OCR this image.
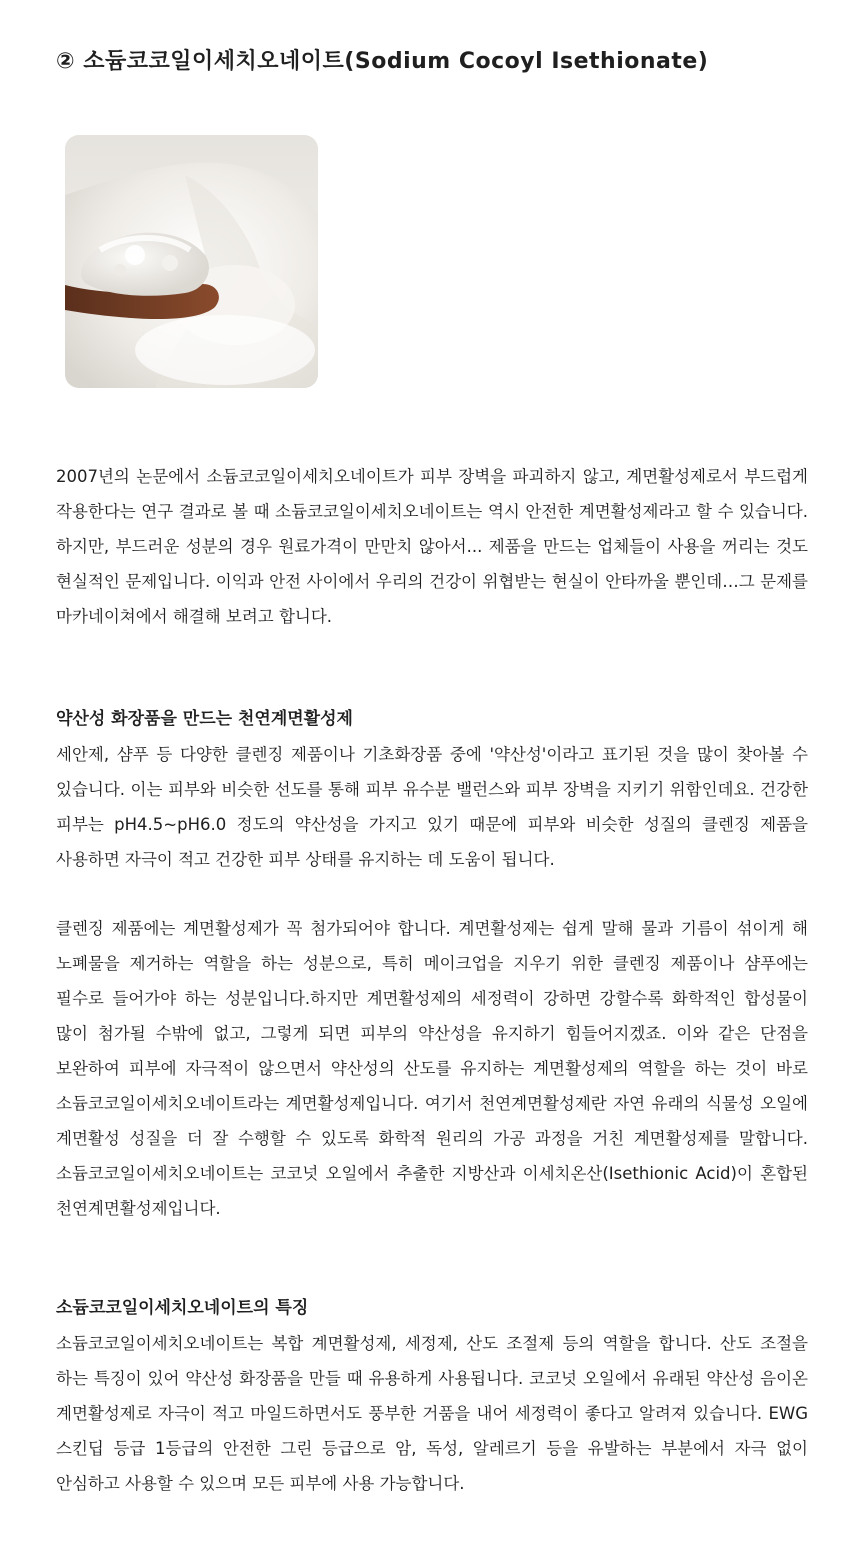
② 소듐코코일이세치오네이트(Sodium Cocoyl Isethionate)
2007년의 논문에서 소듐코코일이세치오네이트가 피부 장벽을 파괴하지 않고, 계면활성제로서 부드럽게 작용한다는 연구 결과로 볼 때 소듐코코일이세치오네이트는 역시 안전한 계면활성제라고 할 수 있습니다. 하지만, 부드러운 성분의 경우 원료가격이 만만치 않아서... 제품을 만드는 업체들이 사용을 꺼리는 것도 현실적인 문제입니다. 이익과 안전 사이에서 우리의 건강이 위협받는 현실이 안타까울 뿐인데…그 문제를 마카네이쳐에서 해결해 보려고 합니다.
약산성 화장품을 만드는 천연계면활성제
세안제, 샴푸 등 다양한 클렌징 제품이나 기초화장품 중에 '약산성'이라고 표기된 것을 많이 찾아볼 수 있습니다. 이는 피부와 비슷한 선도를 통해 피부 유수분 밸런스와 피부 장벽을 지키기 위함인데요. 건강한 피부는 pH4.5~pH6.0 정도의 약산성을 가지고 있기 때문에 피부와 비슷한 성질의 클렌징 제품을 사용하면 자극이 적고 건강한 피부 상태를 유지하는 데 도움이 됩니다.
클렌징 제품에는 계면활성제가 꼭 첨가되어야 합니다. 계면활성제는 쉽게 말해 물과 기름이 섞이게 해 노폐물을 제거하는 역할을 하는 성분으로, 특히 메이크업을 지우기 위한 클렌징 제품이나 샴푸에는 필수로 들어가야 하는 성분입니다.하지만 계면활성제의 세정력이 강하면 강할수록 화학적인 합성물이 많이 첨가될 수밖에 없고, 그렇게 되면 피부의 약산성을 유지하기 힘들어지겠죠. 이와 같은 단점을 보완하여 피부에 자극적이 않으면서 약산성의 산도를 유지하는 계면활성제의 역할을 하는 것이 바로 소듐코코일이세치오네이트라는 계면활성제입니다. 여기서 천연계면활성제란 자연 유래의 식물성 오일에 계면활성 성질을 더 잘 수행할 수 있도록 화학적 원리의 가공 과정을 거친 계면활성제를 말합니다. 소듐코코일이세치오네이트는 코코넛 오일에서 추출한 지방산과 이세치온산(Isethionic Acid)이 혼합된 천연계면활성제입니다.
소듐코코일이세치오네이트의 특징
소듐코코일이세치오네이트는 복합 계면활성제, 세정제, 산도 조절제 등의 역할을 합니다. 산도 조절을 하는 특징이 있어 약산성 화장품을 만들 때 유용하게 사용됩니다. 코코넛 오일에서 유래된 약산성 음이온 계면활성제로 자극이 적고 마일드하면서도 풍부한 거품을 내어 세정력이 좋다고 알려져 있습니다. EWG 스킨딥 등급 1등급의 안전한 그린 등급으로 암, 독성, 알레르기 등을 유발하는 부분에서 자극 없이 안심하고 사용할 수 있으며 모든 피부에 사용 가능합니다.
